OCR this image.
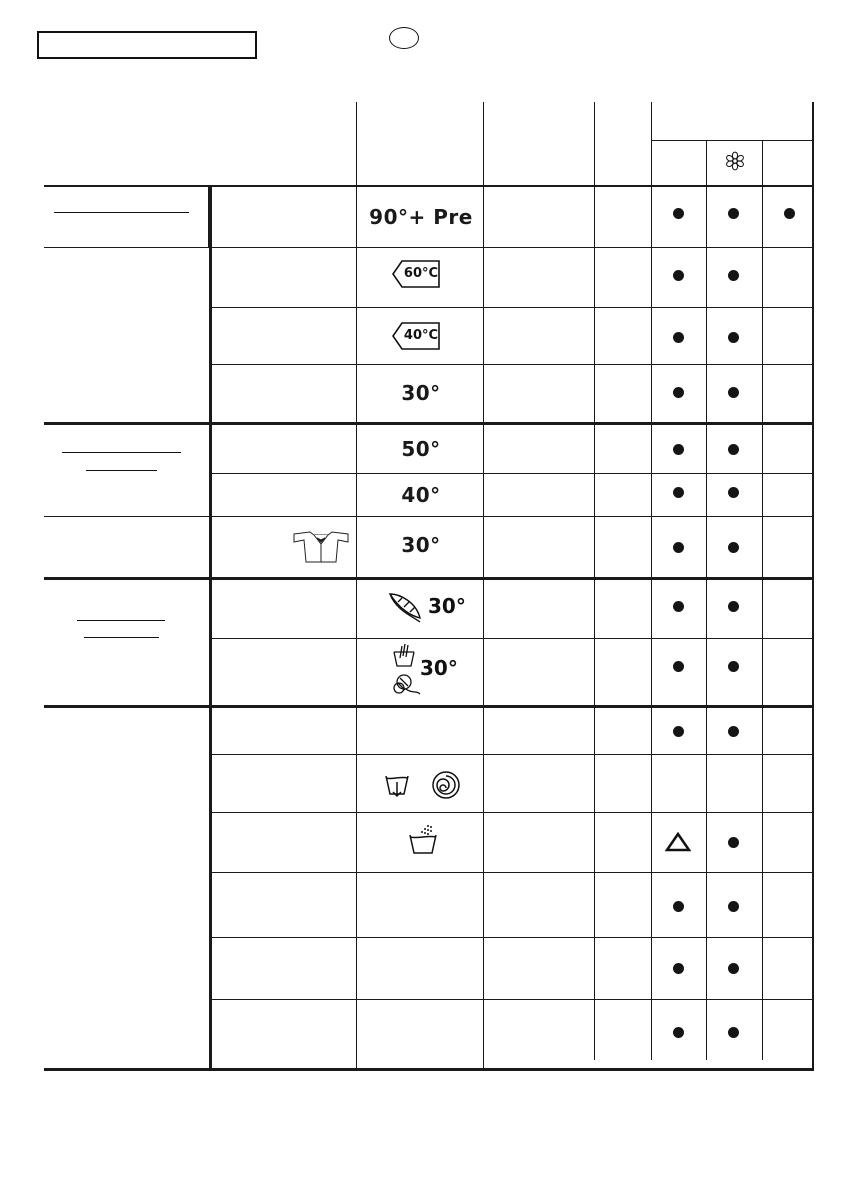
90°+ Pre
60°C
40°C
30°
50°
40°
30°
30°
30°
